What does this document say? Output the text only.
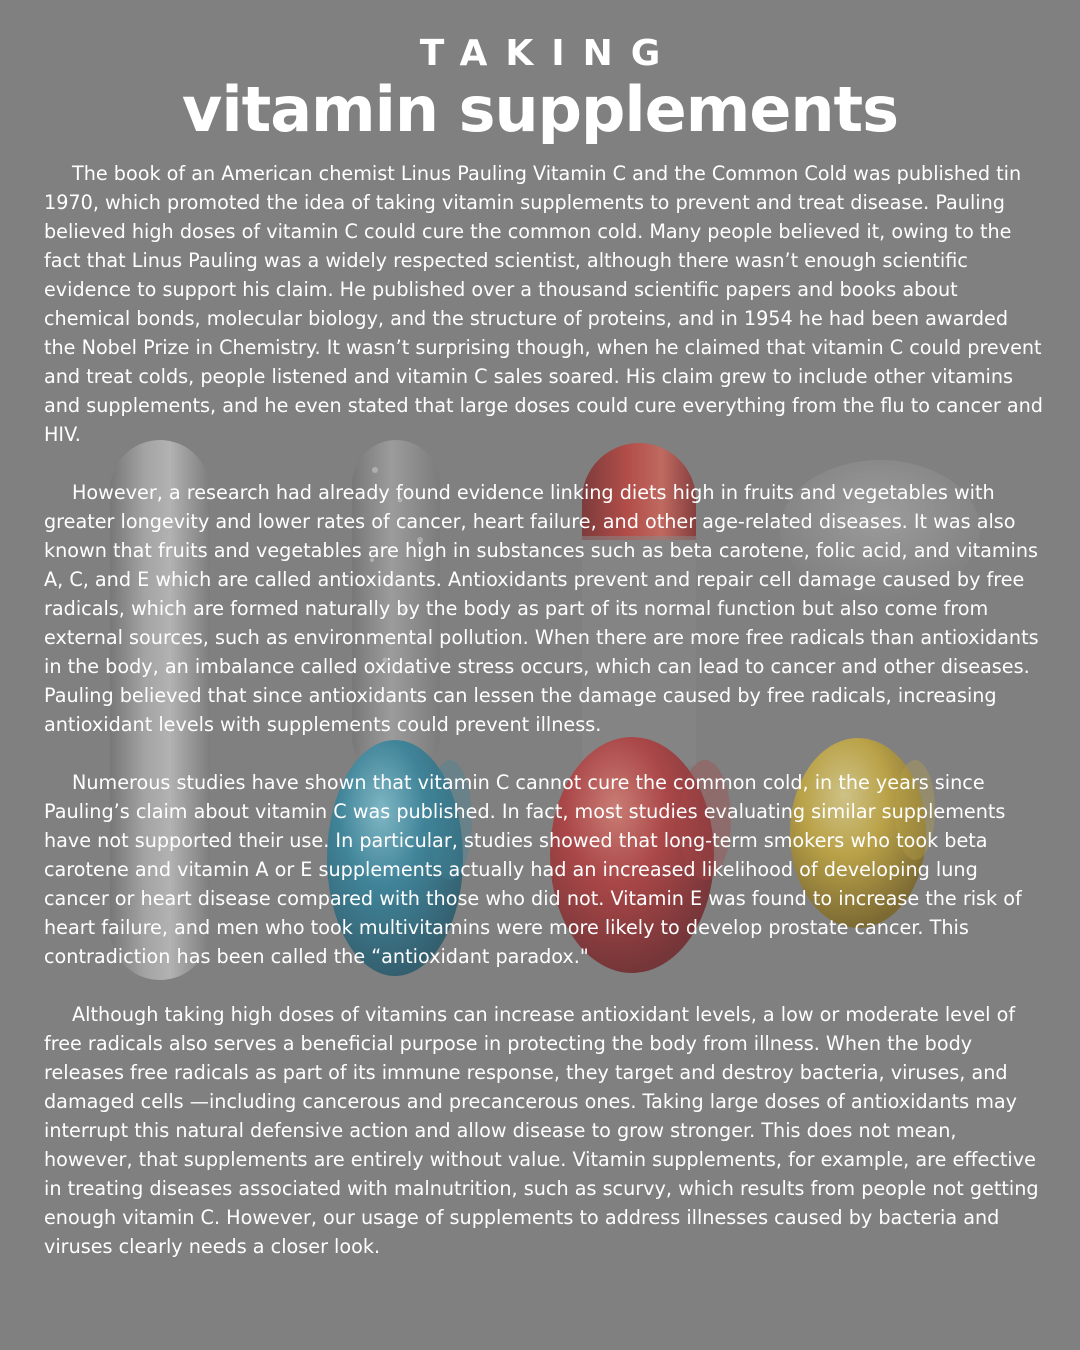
TAKING
vitamin supplements

The book of an American chemist Linus Pauling Vitamin C and the Common Cold was published tin 1970, which promoted the idea of taking vitamin supplements to prevent and treat disease. Pauling believed high doses of vitamin C could cure the common cold. Many people believed it, owing to the fact that Linus Pauling was a widely respected scientist, although there wasn’t enough scientific evidence to support his claim. He published over a thousand scientific papers and books about chemical bonds, molecular biology, and the structure of proteins, and in 1954 he had been awarded the Nobel Prize in Chemistry. It wasn’t surprising though, when he claimed that vitamin C could prevent and treat colds, people listened and vitamin C sales soared. His claim grew to include other vitamins and supplements, and he even stated that large doses could cure everything from the flu to cancer and HIV.

However, a research had already found evidence linking diets high in fruits and vegetables with greater longevity and lower rates of cancer, heart failure, and other age-related diseases. It was also known that fruits and vegetables are high in substances such as beta carotene, folic acid, and vitamins A, C, and E which are called antioxidants. Antioxidants prevent and repair cell damage caused by free radicals, which are formed naturally by the body as part of its normal function but also come from external sources, such as environmental pollution. When there are more free radicals than antioxidants in the body, an imbalance called oxidative stress occurs, which can lead to cancer and other diseases. Pauling believed that since antioxidants can lessen the damage caused by free radicals, increasing antioxidant levels with supplements could prevent illness.

Numerous studies have shown that vitamin C cannot cure the common cold, in the years since Pauling’s claim about vitamin C was published. In fact, most studies evaluating similar supplements have not supported their use. In particular, studies showed that long-term smokers who took beta carotene and vitamin A or E supplements actually had an increased likelihood of developing lung cancer or heart disease compared with those who did not. Vitamin E was found to increase the risk of heart failure, and men who took multivitamins were more likely to develop prostate cancer. This contradiction has been called the “antioxidant paradox."

Although taking high doses of vitamins can increase antioxidant levels, a low or moderate level of free radicals also serves a beneficial purpose in protecting the body from illness. When the body releases free radicals as part of its immune response, they target and destroy bacteria, viruses, and damaged cells —including cancerous and precancerous ones. Taking large doses of antioxidants may interrupt this natural defensive action and allow disease to grow stronger. This does not mean, however, that supplements are entirely without value. Vitamin supplements, for example, are effective in treating diseases associated with malnutrition, such as scurvy, which results from people not getting enough vitamin C. However, our usage of supplements to address illnesses caused by bacteria and viruses clearly needs a closer look.
